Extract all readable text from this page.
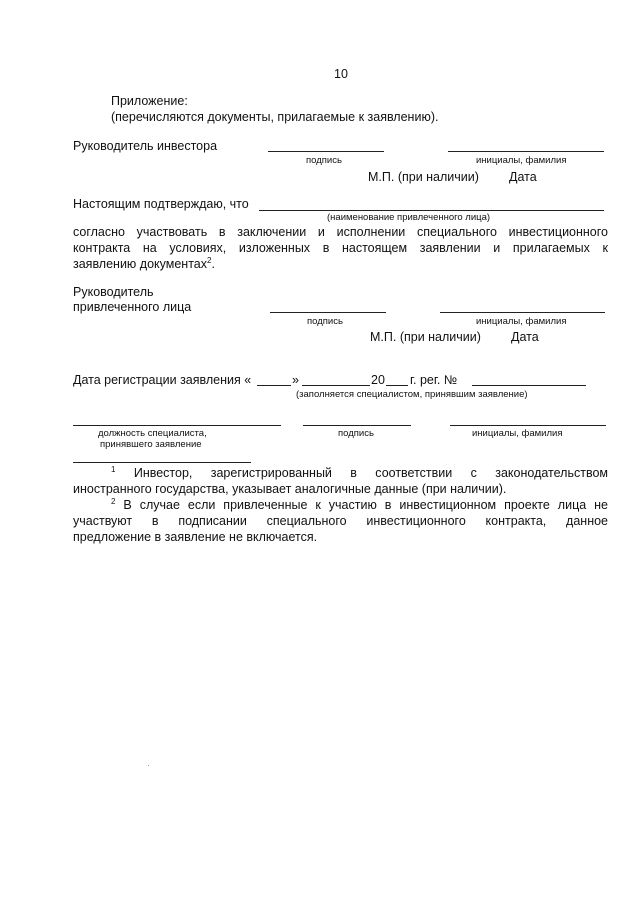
10
Приложение:
(перечисляются документы, прилагаемые к заявлению).
Руководитель инвестора
подпись	инициалы, фамилия
М.П. (при наличии) Дата
Настоящим подтверждаю, что
(наименование привлеченного лица)
согласно участвовать в заключении и исполнении специального инвестиционного
контракта на условиях, изложенных в настоящем заявлении и прилагаемых к
заявлению документах$^2$.
Руководитель
привлеченного лица
подпись	инициалы, фамилия
М.П. (при наличии) Дата
Дата регистрации заявления «	»	20 г. рег. №
(заполняется специалистом, принявшим заявление)
должность специалиста,
принявшего заявление
подпись	инициалы, фамилия
$^1$ Инвестор, зарегистрированный в соответствии с законодательством
иностранного государства, указывает аналогичные данные (при наличии).
$^2$ В случае если привлеченные к участию в инвестиционном проекте лица не
участвуют в подписании специального инвестиционного контракта, данное
предложение в заявление не включается.
